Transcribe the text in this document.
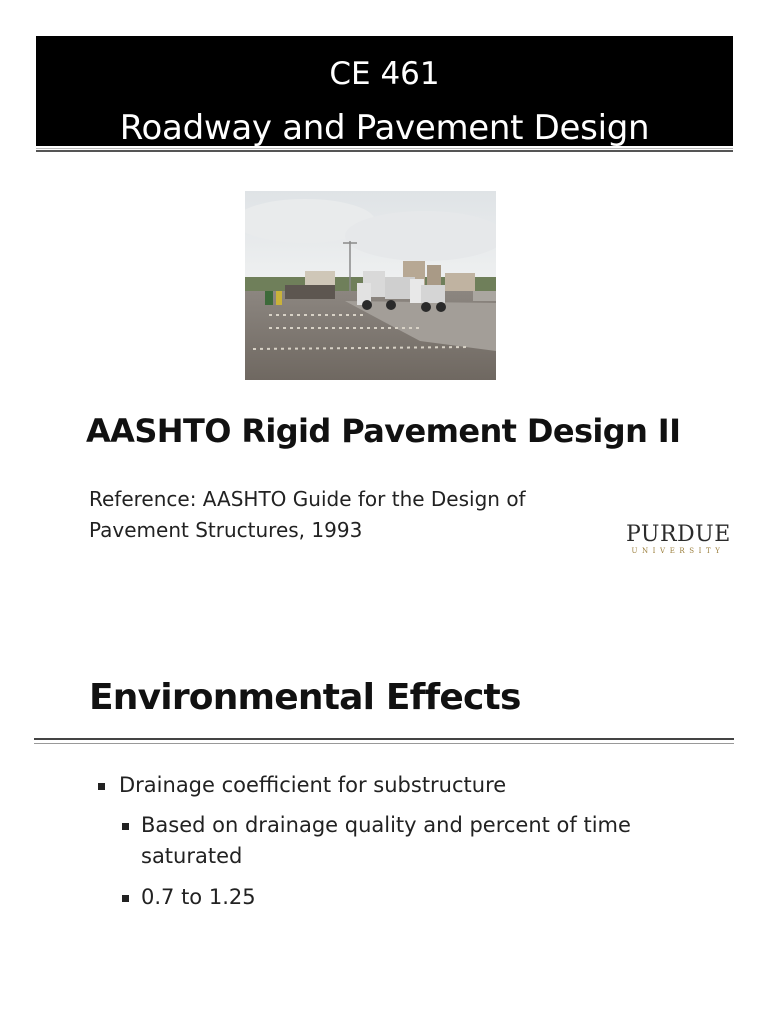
CE 461
Roadway and Pavement Design
AASHTO Rigid Pavement Design II
Reference: AASHTO Guide for the Design of Pavement Structures, 1993	PURDUE
UNIVERSITY
Environmental Effects
Drainage coefficient for substructure
Based on drainage quality and percent of time saturated
0.7 to 1.25
